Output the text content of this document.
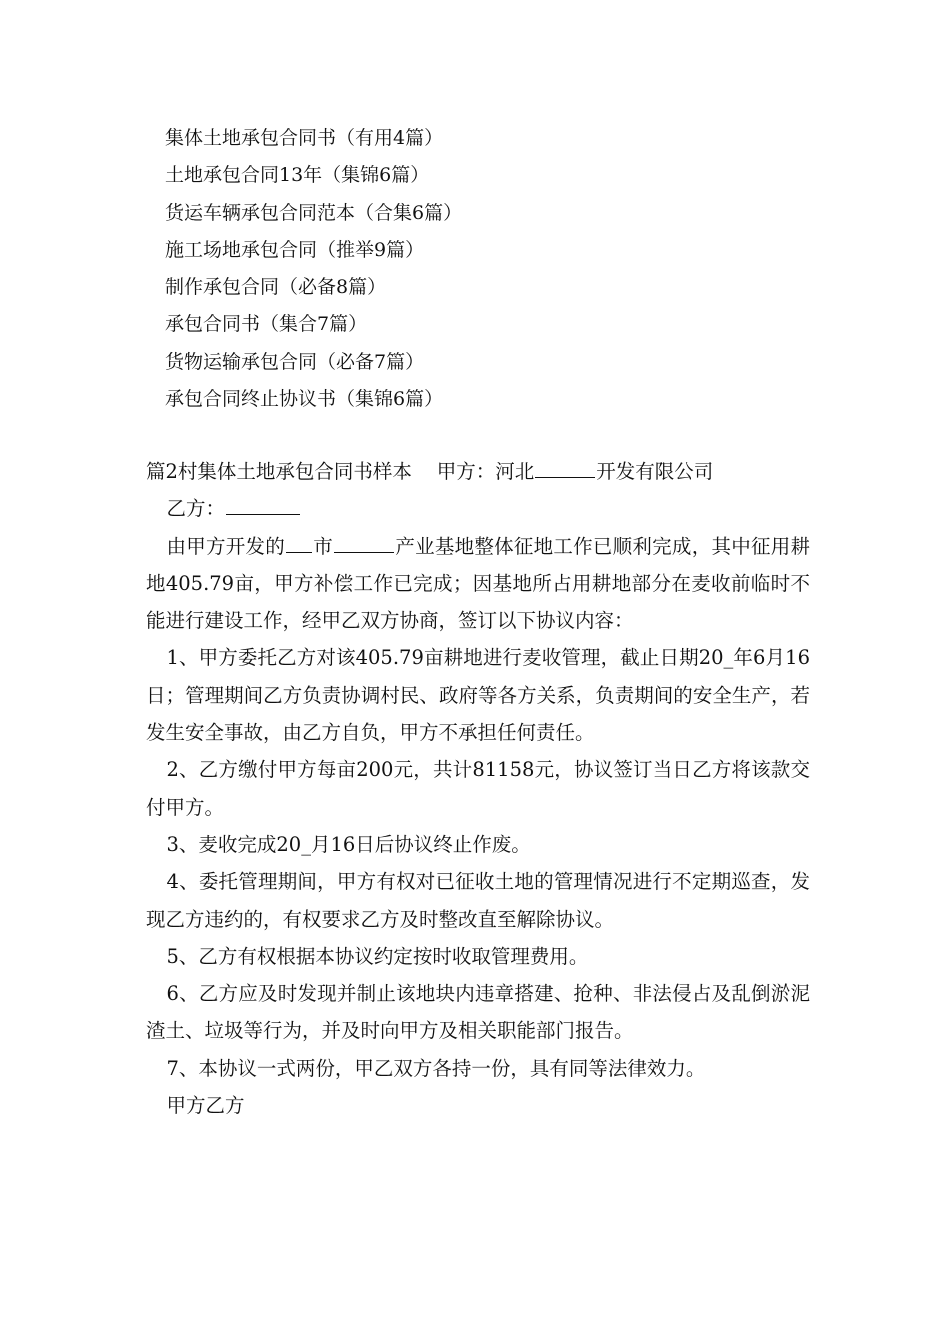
集体土地承包合同书（有用4篇）
土地承包合同13年（集锦6篇）
货运车辆承包合同范本（合集6篇）
施工场地承包合同（推举9篇）
制作承包合同（必备8篇）
承包合同书（集合7篇）
货物运输承包合同（必备7篇）
承包合同终止协议书（集锦6篇）

篇2村集体土地承包合同书样本 甲方：河北	开发有限公司

乙方：

由甲方开发的 市	产业基地整体征地工作已顺利完成，其中征用耕地405.79亩，甲方补偿工作已完成；因基地所占用耕地部分在麦收前临时不能进行建设工作，经甲乙双方协商，签订以下协议内容：

1、甲方委托乙方对该405.79亩耕地进行麦收管理，截止日期20_年6月16日；管理期间乙方负责协调村民、政府等各方关系，负责期间的安全生产，若发生安全事故，由乙方自负，甲方不承担任何责任。

2、乙方缴付甲方每亩200元，共计81158元，协议签订当日乙方将该款交付甲方。

3、麦收完成20_月16日后协议终止作废。

4、委托管理期间，甲方有权对已征收土地的管理情况进行不定期巡查，发现乙方违约的，有权要求乙方及时整改直至解除协议。

5、乙方有权根据本协议约定按时收取管理费用。

6、乙方应及时发现并制止该地块内违章搭建、抢种、非法侵占及乱倒淤泥渣土、垃圾等行为，并及时向甲方及相关职能部门报告。

7、本协议一式两份，甲乙双方各持一份，具有同等法律效力。

甲方乙方
